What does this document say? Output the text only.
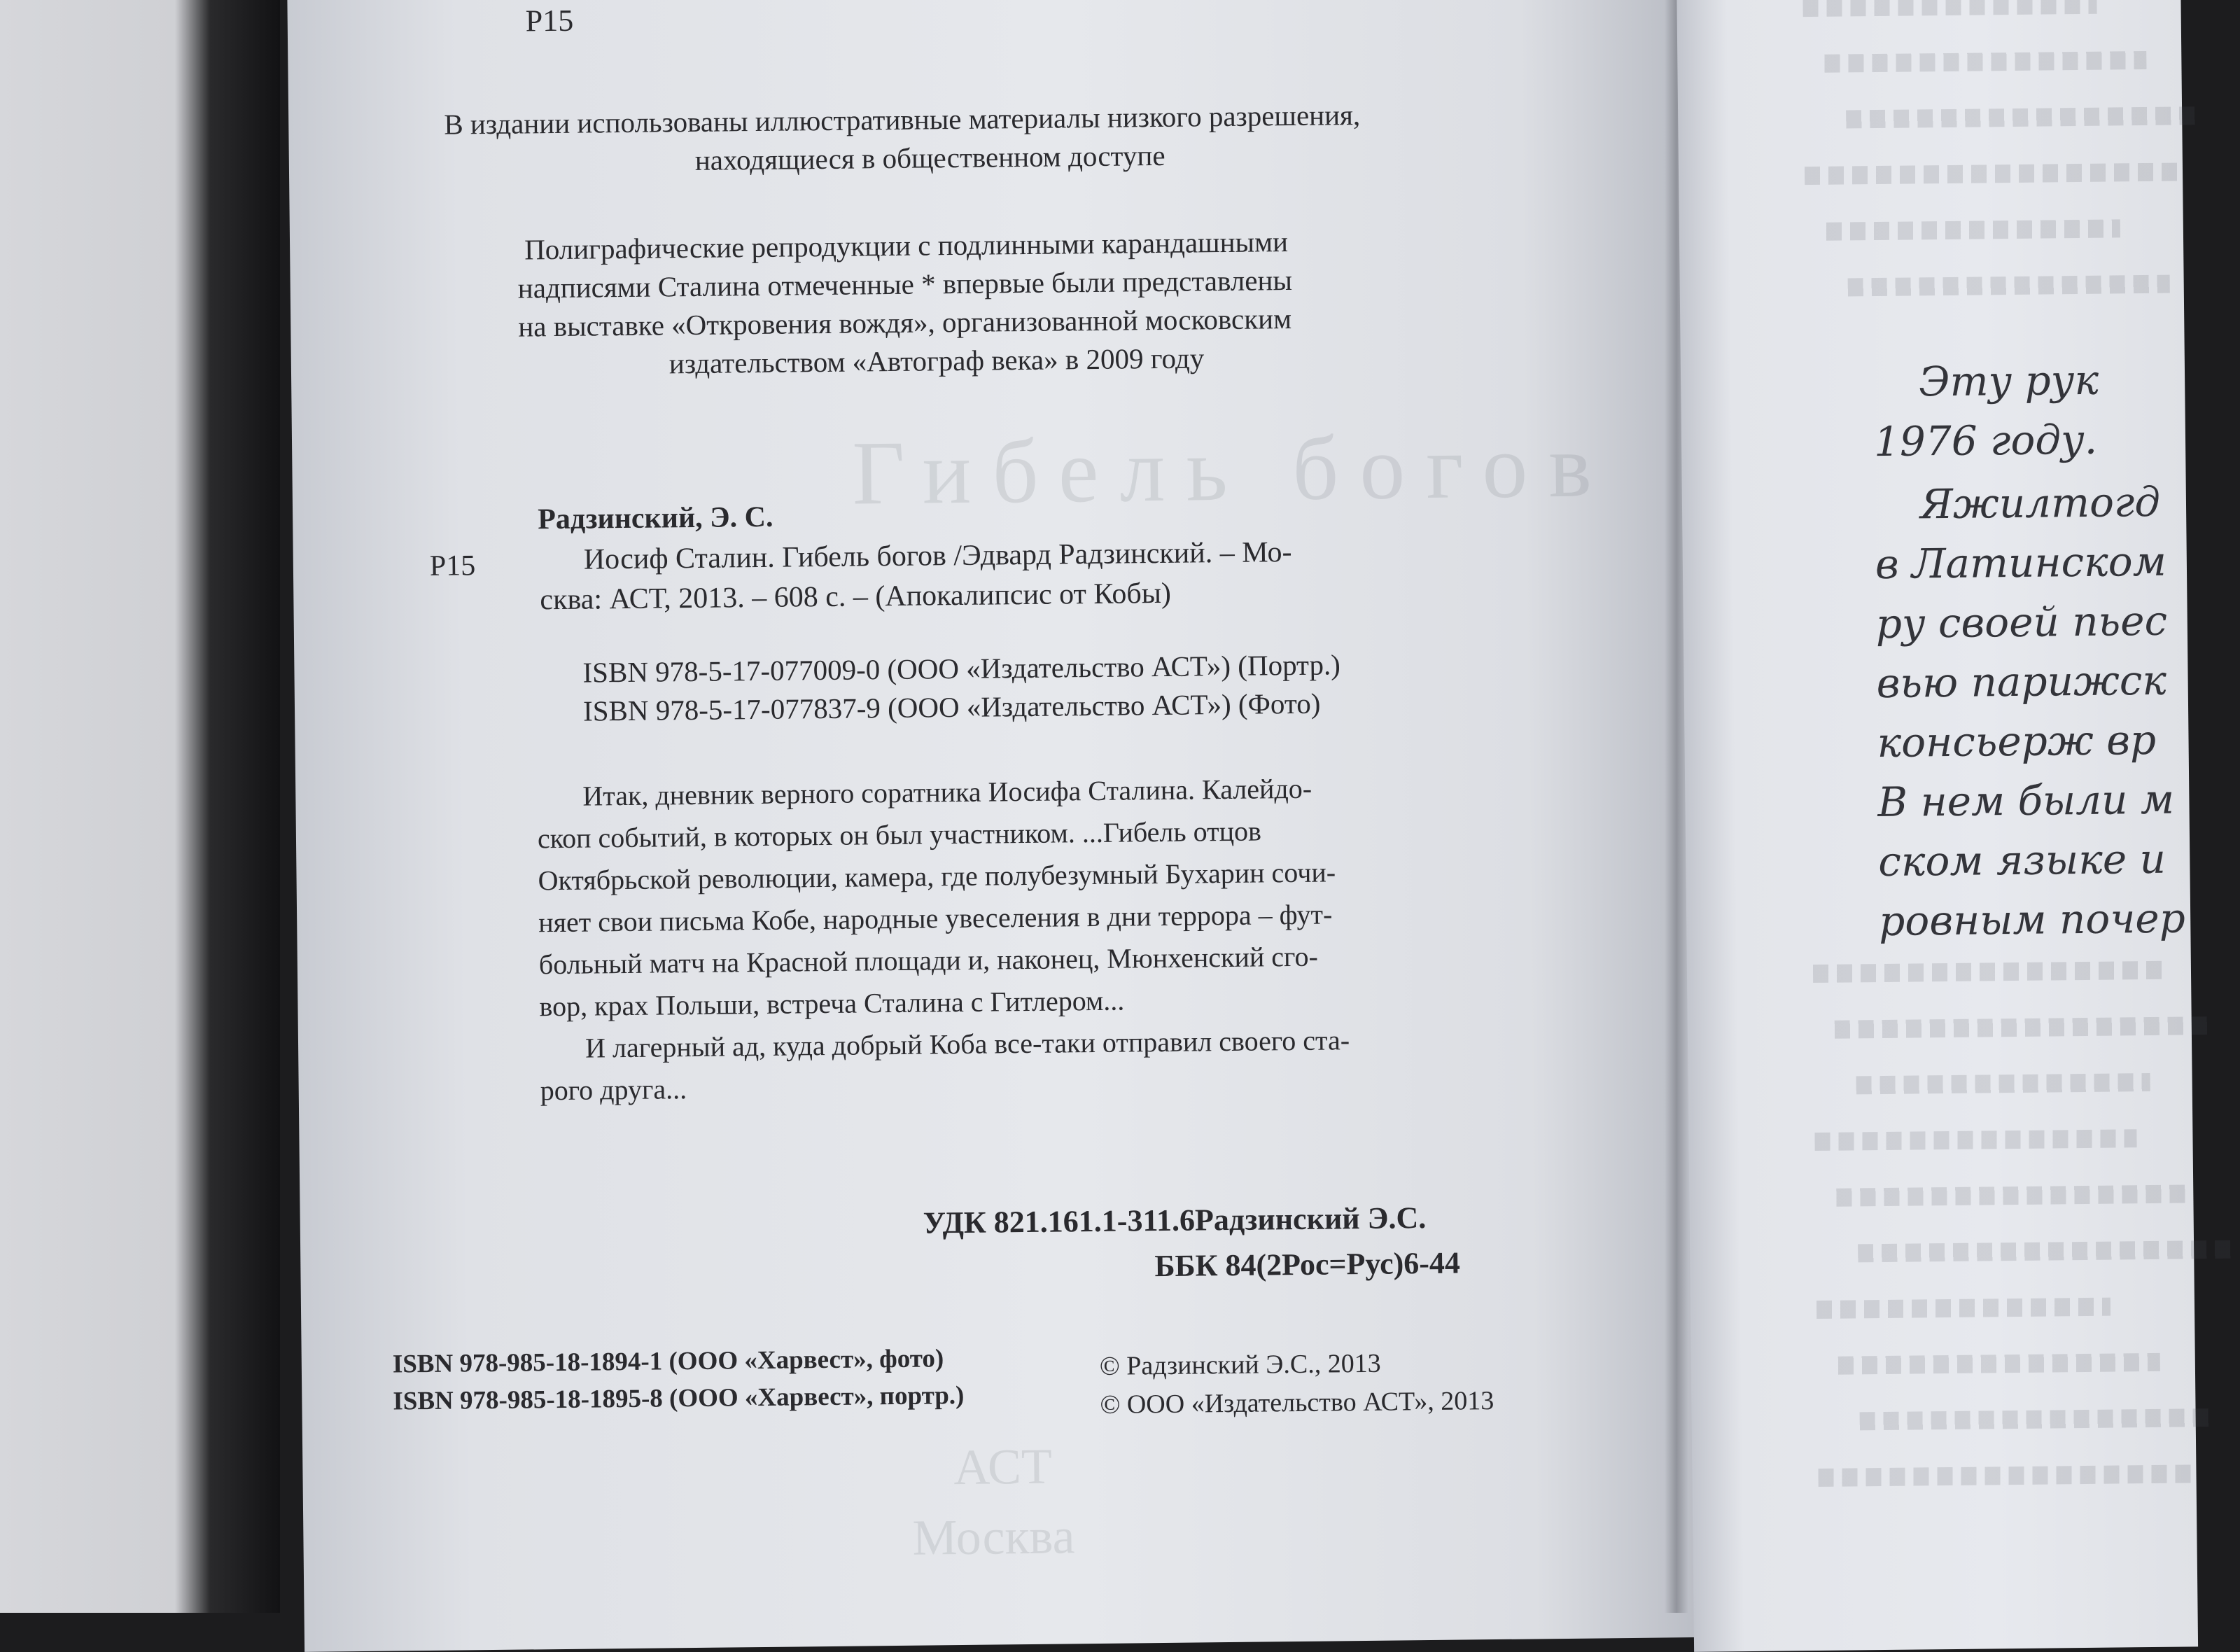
Гибель богов
АСТ
Москва
Р15
В издании использованы иллюстративные материалы низкого разрешения,
находящиеся в общественном доступе
Полиграфические репродукции с подлинными карандашными
надписями Сталина отмеченные * впервые были представлены
на выставке «Откровения вождя», организованной московским
издательством «Автограф века» в 2009 году
Радзинский, Э. С.
Р15	Иосиф Сталин. Гибель богов /Эдвард Радзинский. – Мо-
сква: АСТ, 2013. – 608 с. – (Апокалипсис от Кобы)
ISBN 978-5-17-077009-0 (ООО «Издательство АСТ») (Портр.)
ISBN 978-5-17-077837-9 (ООО «Издательство АСТ») (Фото)
Итак, дневник верного соратника Иосифа Сталина. Калейдо-
скоп событий, в которых он был участником. ...Гибель отцов
Октябрьской революции, камера, где полубезумный Бухарин сочи-
няет свои письма Кобе, народные увеселения в дни террора – фут-
больный матч на Красной площади и, наконец, Мюнхенский сго-
вор, крах Польши, встреча Сталина с Гитлером...
И лагерный ад, куда добрый Коба все-таки отправил своего ста-
рого друга...
УДК 821.161.1-311.6Радзинский Э.С.
ББК 84(2Рос=Рус)6-44
ISBN 978-985-18-1894-1 (ООО «Харвест», фото)
ISBN 978-985-18-1895-8 (ООО «Харвест», портр.)
© Радзинский Э.С., 2013
© ООО «Издательство АСТ», 2013

Эту рук
1976 году.
Яжилтогд
в Латинском
ру своей пьес
вью парижск
консьерж вр
В нем были м
ском языке и
ровным почер
